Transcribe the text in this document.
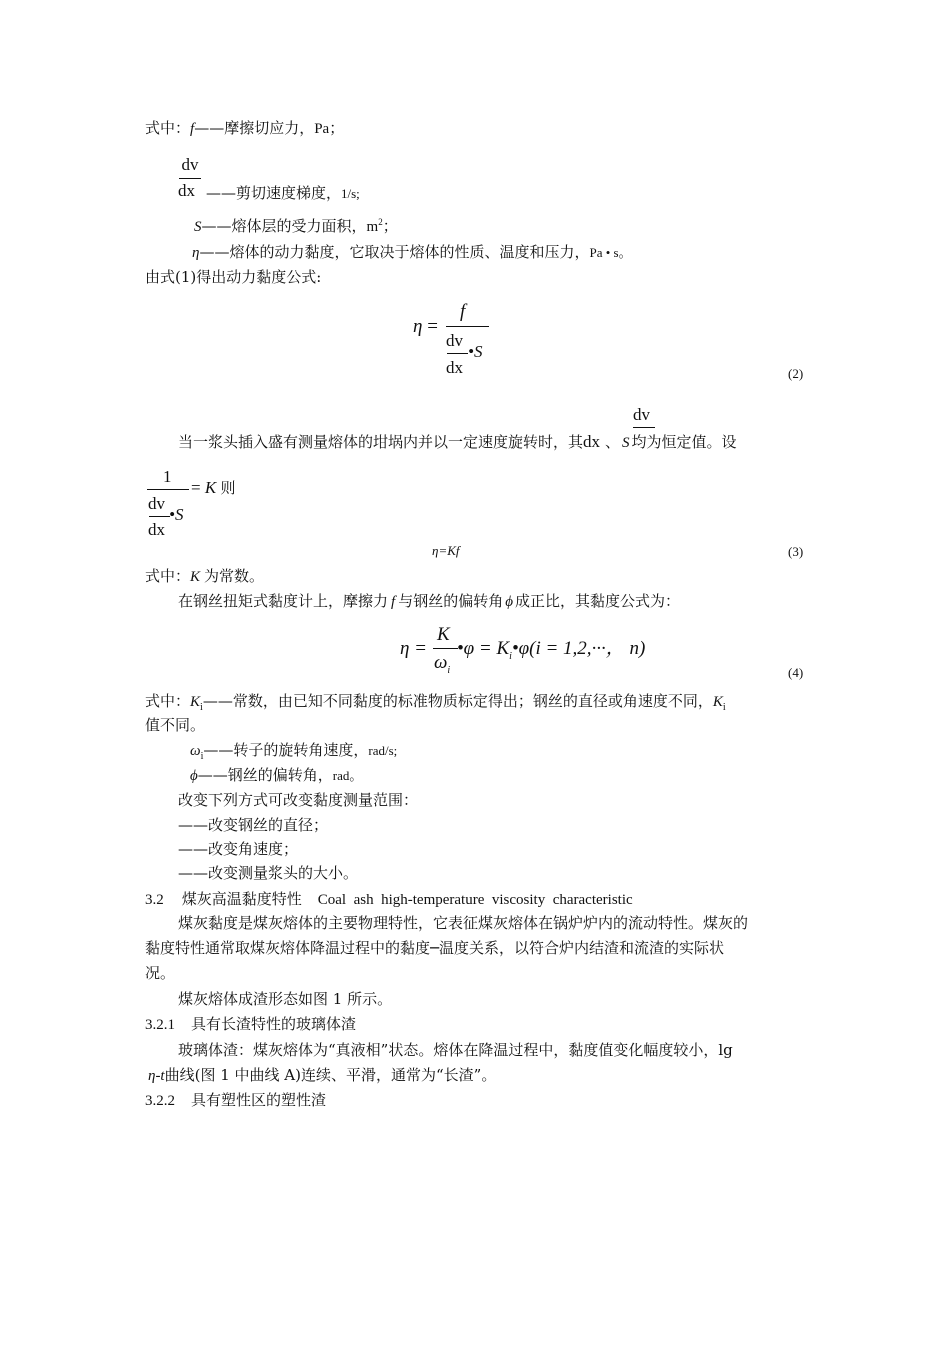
式中：f——摩擦切应力，Pa；
dv
dx ——剪切速度梯度，1/s;
S——熔体层的受力面积，$m^2$；
η——熔体的动力黏度，它取决于熔体的性质、温度和压力，Pa • s。
由式(1)得出动力黏度公式:
η =
f
dv
dx
•S
(2)
dv
当一浆头插入盛有测量熔体的坩埚内并以一定速度旋转时，其dx 、 S 均为恒定值。设
1
= K 则
dv
dx
•S
η=Kf	(3)
式中：K 为常数。
在钢丝扭矩式黏度计上，摩擦力 f 与钢丝的偏转角 ϕ 成正比，其黏度公式为：
η =
K
$\omega_i$
•φ = $K_i•\varphi(i = 1,2,\cdot\cdot\cdot$， n)
(4)
式中：$K_i——$常数，由已知不同黏度的标准物质标定得出；钢丝的直径或角速度不同，$K_i$
值不同。
$\omega_i——$转子的旋转角速度，rad/s;
ϕ——钢丝的偏转角，rad。
改变下列方式可改变黏度测量范围：
——改变钢丝的直径；
——改变角速度；
——改变测量浆头的大小。
3.2 煤灰高温黏度特性 Coal  ash  high-temperature  viscosity  characteristic
煤灰黏度是煤灰熔体的主要物理特性，它表征煤灰熔体在锅炉炉内的流动特性。煤灰的
黏度特性通常取煤灰熔体降温过程中的黏度─温度关系，以符合炉内结渣和流渣的实际状
况。
煤灰熔体成渣形态如图 1 所示。
3.2.1 具有长渣特性的玻璃体渣
玻璃体渣：煤灰熔体为“真液相”状态。熔体在降温过程中，黏度值变化幅度较小，lg
η-t曲线(图 1 中曲线 A)连续、平滑，通常为“长渣”。
3.2.2 具有塑性区的塑性渣
